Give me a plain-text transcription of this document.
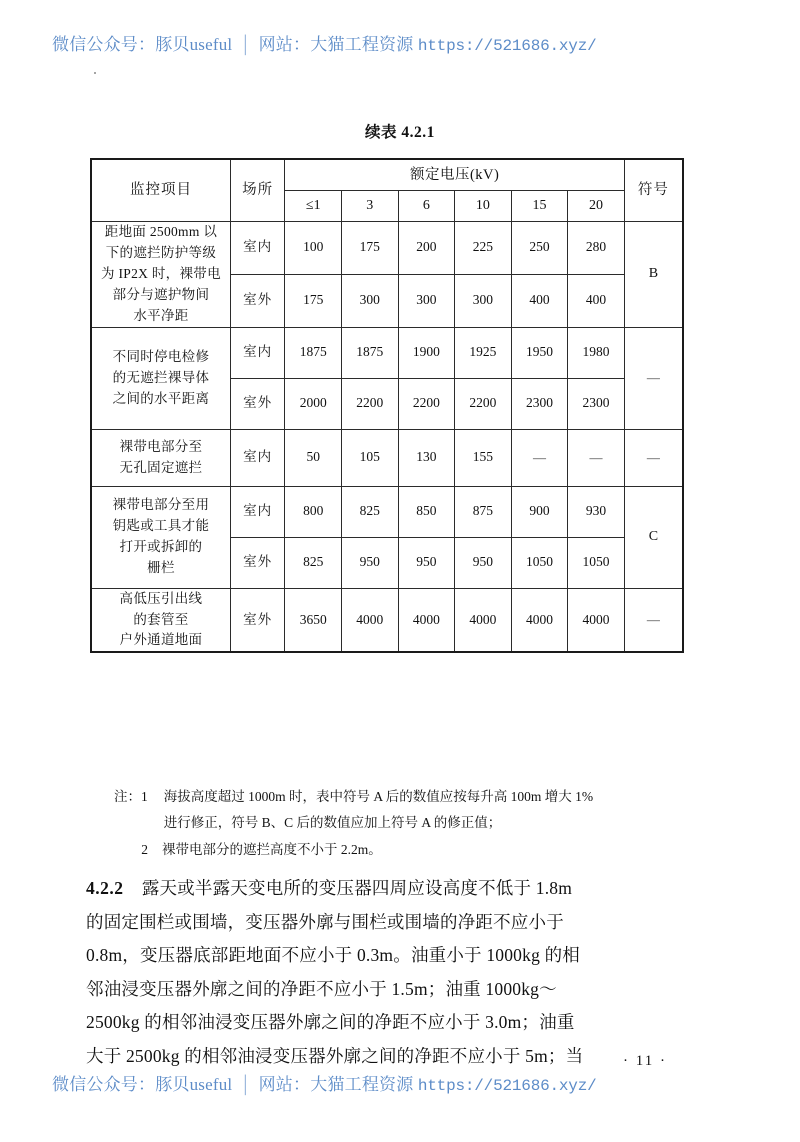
微信公众号：豚贝useful │ 网站：大猫工程资源 https://521686.xyz/
续表 4.2.1
监控项目	场所	额定电压(kV)						符号
		≤1	3	6	10	15	20	

距地面 2500mm 以
下的遮拦防护等级
为 IP2X 时，裸带电
部分与遮护物间
水平净距	室内	100	175	200	225	250	280	B
	室外	175	300	300	300	400	400	

不同时停电检修
的无遮拦裸导体
之间的水平距离	室内	1875	1875	1900	1925	1950	1980	—
	室外	2000	2200	2200	2200	2300	2300	

裸带电部分至
无孔固定遮拦	室内	50	105	130	155	—	—	—

裸带电部分至用
钥匙或工具才能
打开或拆卸的
栅栏	室内	800	825	850	875	900	930	C
	室外	825	950	950	950	1050	1050	

高低压引出线
的套管至
户外通道地面	室外	3650	4000	4000	4000	4000	4000	—
注： 1 海拔高度超过 1000m 时，表中符号 A 后的数值应按每升高 100m 增大 1%
进行修正，符号 B、C 后的数值应加上符号 A 的修正值；
2	裸带电部分的遮拦高度不小于 2.2m。
4.2.2 露天或半露天变电所的变压器四周应设高度不低于 1.8m
的固定围栏或围墙，变压器外廓与围栏或围墙的净距不应小于
0.8m，变压器底部距地面不应小于 0.3m。油重小于 1000kg 的相
邻油浸变压器外廓之间的净距不应小于 1.5m；油重 1000kg～
2500kg 的相邻油浸变压器外廓之间的净距不应小于 3.0m；油重
大于 2500kg 的相邻油浸变压器外廓之间的净距不应小于 5m；当	· 11 ·
微信公众号：豚贝useful │ 网站：大猫工程资源 https://521686.xyz/
